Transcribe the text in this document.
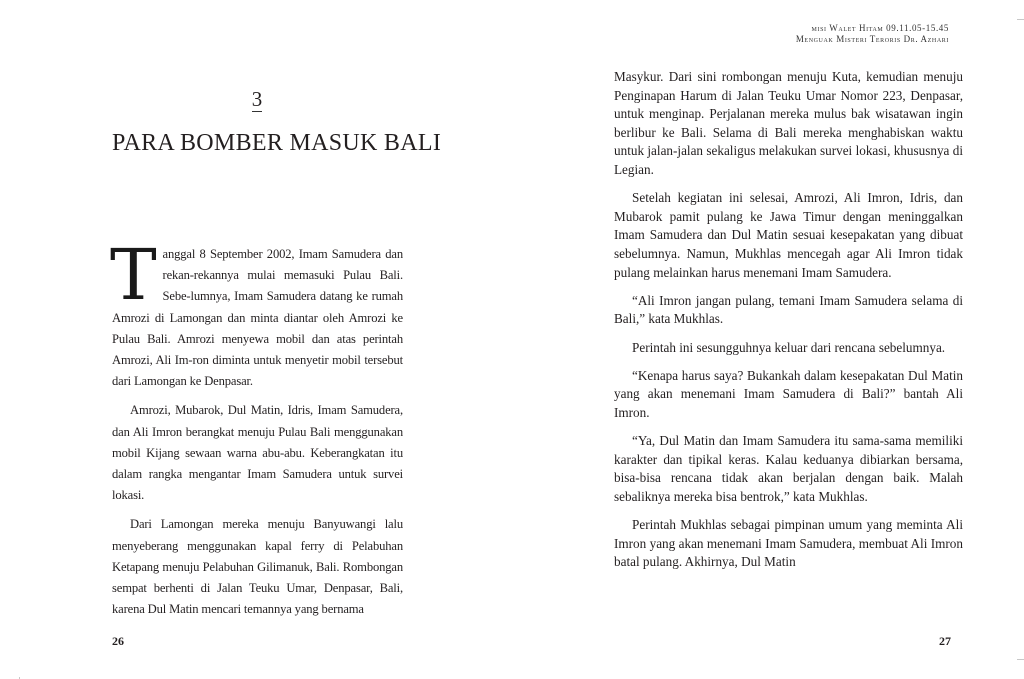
3
PARA BOMBER MASUK BALI

Tanggal 8 September 2002, Imam Samudera dan rekan-rekannya mulai memasuki Pulau Bali. Sebe-lumnya, Imam Samudera datang ke rumah Amrozi di Lamongan dan minta diantar oleh Amrozi ke Pulau Bali. Amrozi menyewa mobil dan atas perintah Amrozi, Ali Im-ron diminta untuk menyetir mobil tersebut dari Lamongan ke Denpasar.

Amrozi, Mubarok, Dul Matin, Idris, Imam Samudera, dan Ali Imron berangkat menuju Pulau Bali menggunakan mobil Kijang sewaan warna abu-abu. Keberangkatan itu dalam rangka mengantar Imam Samudera untuk survei lokasi.

Dari Lamongan mereka menuju Banyuwangi lalu menyeberang menggunakan kapal ferry di Pelabuhan Ketapang menuju Pelabuhan Gilimanuk, Bali. Rombongan sempat berhenti di Jalan Teuku Umar, Denpasar, Bali, karena Dul Matin mencari temannya yang bernama

26
misi Walet Hitam 09.11.05-15.45
Menguak Misteri Teroris Dr. Azhari

Masykur. Dari sini rombongan menuju Kuta, kemudian menuju Penginapan Harum di Jalan Teuku Umar Nomor 223, Denpasar, untuk menginap. Perjalanan mereka mulus bak wisatawan ingin berlibur ke Bali. Selama di Bali mereka menghabiskan waktu untuk jalan-jalan sekaligus melakukan survei lokasi, khususnya di Legian.

Setelah kegiatan ini selesai, Amrozi, Ali Imron, Idris, dan Mubarok pamit pulang ke Jawa Timur dengan meninggalkan Imam Samudera dan Dul Matin sesuai kesepakatan yang dibuat sebelumnya. Namun, Mukhlas mencegah agar Ali Imron tidak pulang melainkan harus menemani Imam Samudera.

“Ali Imron jangan pulang, temani Imam Samudera selama di Bali,” kata Mukhlas.

Perintah ini sesungguhnya keluar dari rencana sebelumnya.

“Kenapa harus saya? Bukankah dalam kesepakatan Dul Matin yang akan menemani Imam Samudera di Bali?” bantah Ali Imron.

“Ya, Dul Matin dan Imam Samudera itu sama-sama memiliki karakter dan tipikal keras. Kalau keduanya dibiarkan bersama, bisa-bisa rencana tidak akan berjalan dengan baik. Malah sebaliknya mereka bisa bentrok,” kata Mukhlas.

Perintah Mukhlas sebagai pimpinan umum yang meminta Ali Imron yang akan menemani Imam Samudera, membuat Ali Imron batal pulang. Akhirnya, Dul Matin

27
